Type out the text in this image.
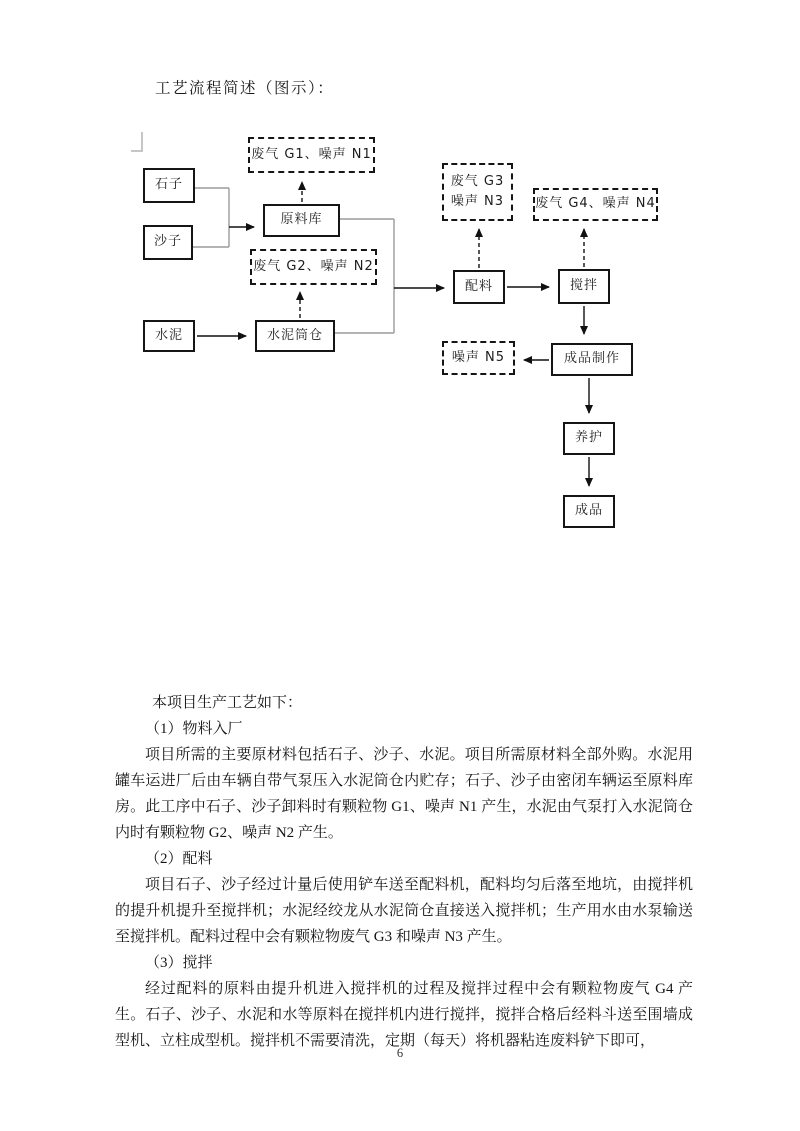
工艺流程简述（图示）：
石子
沙子
原料库
水泥	水泥筒仓
配料	搅拌
成品制作
养护
成品
废气 G1、噪声 N1
废气 G2、噪声 N2
废气 G3
噪声 N3 废气 G4、噪声 N4
噪声 N5
本项目生产工艺如下：
（1）物料入厂
项目所需的主要原材料包括石子、沙子、水泥。项目所需原材料全部外购。水泥用罐车运进厂后由车辆自带气泵压入水泥筒仓内贮存；石子、沙子由密闭车辆运至原料库房。此工序中石子、沙子卸料时有颗粒物 G1、噪声 N1 产生，水泥由气泵打入水泥筒仓内时有颗粒物 G2、噪声 N2 产生。
（2）配料
项目石子、沙子经过计量后使用铲车送至配料机，配料均匀后落至地坑，由搅拌机的提升机提升至搅拌机；水泥经绞龙从水泥筒仓直接送入搅拌机；生产用水由水泵输送至搅拌机。配料过程中会有颗粒物废气 G3 和噪声 N3 产生。
（3）搅拌
经过配料的原料由提升机进入搅拌机的过程及搅拌过程中会有颗粒物废气 G4 产生。石子、沙子、水泥和水等原料在搅拌机内进行搅拌，搅拌合格后经料斗送至围墙成型机、立柱成型机。搅拌机不需要清洗，定期（每天）将机器粘连废料铲下即可，
6
